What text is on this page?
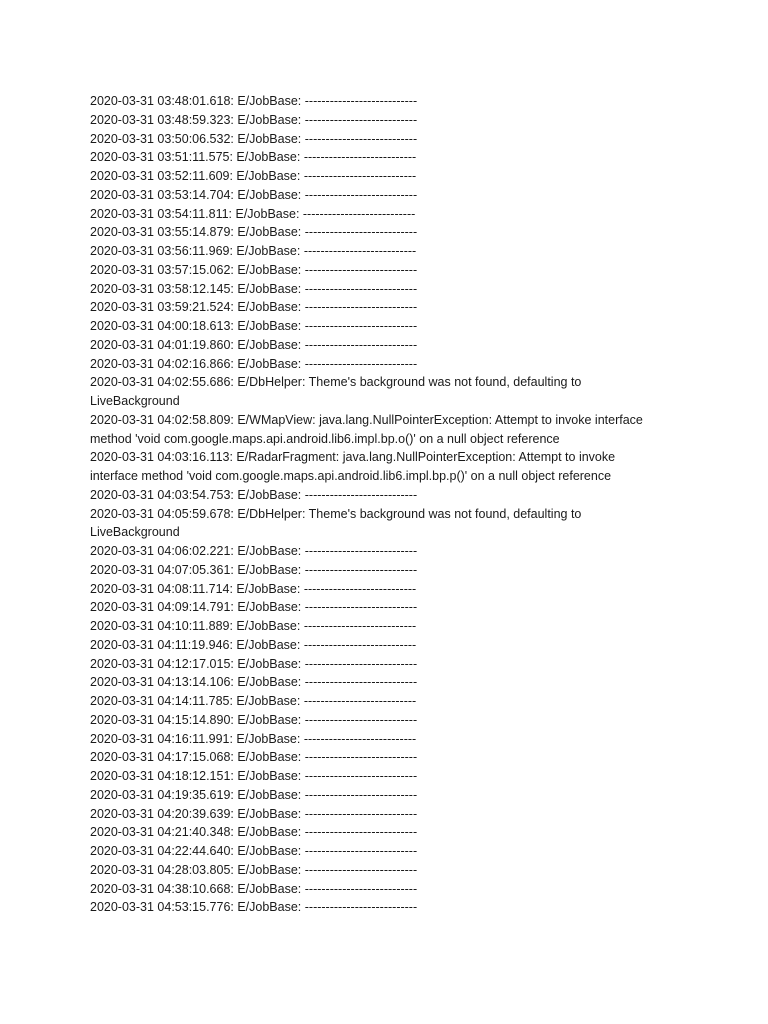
2020-03-31 03:48:01.618: E/JobBase: ---------------------------
2020-03-31 03:48:59.323: E/JobBase: ---------------------------
2020-03-31 03:50:06.532: E/JobBase: ---------------------------
2020-03-31 03:51:11.575: E/JobBase: ---------------------------
2020-03-31 03:52:11.609: E/JobBase: ---------------------------
2020-03-31 03:53:14.704: E/JobBase: ---------------------------
2020-03-31 03:54:11.811: E/JobBase: ---------------------------
2020-03-31 03:55:14.879: E/JobBase: ---------------------------
2020-03-31 03:56:11.969: E/JobBase: ---------------------------
2020-03-31 03:57:15.062: E/JobBase: ---------------------------
2020-03-31 03:58:12.145: E/JobBase: ---------------------------
2020-03-31 03:59:21.524: E/JobBase: ---------------------------
2020-03-31 04:00:18.613: E/JobBase: ---------------------------
2020-03-31 04:01:19.860: E/JobBase: ---------------------------
2020-03-31 04:02:16.866: E/JobBase: ---------------------------
2020-03-31 04:02:55.686: E/DbHelper: Theme's background was not found, defaulting to LiveBackground
2020-03-31 04:02:58.809: E/WMapView: java.lang.NullPointerException: Attempt to invoke interface method 'void com.google.maps.api.android.lib6.impl.bp.o()' on a null object reference
2020-03-31 04:03:16.113: E/RadarFragment: java.lang.NullPointerException: Attempt to invoke interface method 'void com.google.maps.api.android.lib6.impl.bp.p()' on a null object reference
2020-03-31 04:03:54.753: E/JobBase: ---------------------------
2020-03-31 04:05:59.678: E/DbHelper: Theme's background was not found, defaulting to LiveBackground
2020-03-31 04:06:02.221: E/JobBase: ---------------------------
2020-03-31 04:07:05.361: E/JobBase: ---------------------------
2020-03-31 04:08:11.714: E/JobBase: ---------------------------
2020-03-31 04:09:14.791: E/JobBase: ---------------------------
2020-03-31 04:10:11.889: E/JobBase: ---------------------------
2020-03-31 04:11:19.946: E/JobBase: ---------------------------
2020-03-31 04:12:17.015: E/JobBase: ---------------------------
2020-03-31 04:13:14.106: E/JobBase: ---------------------------
2020-03-31 04:14:11.785: E/JobBase: ---------------------------
2020-03-31 04:15:14.890: E/JobBase: ---------------------------
2020-03-31 04:16:11.991: E/JobBase: ---------------------------
2020-03-31 04:17:15.068: E/JobBase: ---------------------------
2020-03-31 04:18:12.151: E/JobBase: ---------------------------
2020-03-31 04:19:35.619: E/JobBase: ---------------------------
2020-03-31 04:20:39.639: E/JobBase: ---------------------------
2020-03-31 04:21:40.348: E/JobBase: ---------------------------
2020-03-31 04:22:44.640: E/JobBase: ---------------------------
2020-03-31 04:28:03.805: E/JobBase: ---------------------------
2020-03-31 04:38:10.668: E/JobBase: ---------------------------
2020-03-31 04:53:15.776: E/JobBase: ---------------------------
